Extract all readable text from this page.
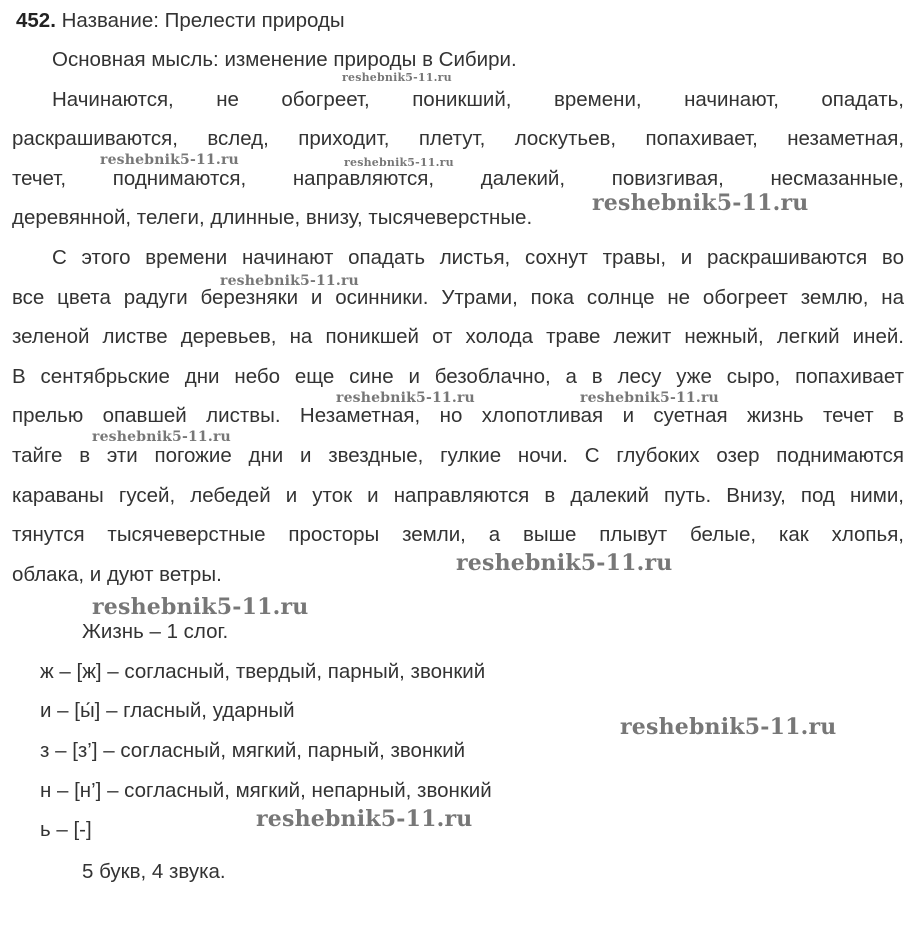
452. Название: Прелести природы
Основная мысль: изменение природы в Сибири.
Начинаются, не обогреет, поникший, времени, начинают, опадать,
раскрашиваются, вслед, приходит, плетут, лоскутьев, попахивает, незаметная,
течет, поднимаются, направляются, далекий, повизгивая, несмазанные,
деревянной, телеги, длинные, внизу, тысячеверстные.
С этого времени начинают опадать листья, сохнут травы, и раскрашиваются во
все цвета радуги березняки и осинники. Утрами, пока солнце не обогреет землю, на
зеленой листве деревьев, на поникшей от холода траве лежит нежный, легкий иней.
В сентябрьские дни небо еще сине и безоблачно, а в лесу уже сыро, попахивает
прелью опавшей листвы. Незаметная, но хлопотливая и суетная жизнь течет в
тайге в эти погожие дни и звездные, гулкие ночи. С глубоких озер поднимаются
караваны гусей, лебедей и уток и направляются в далекий путь. Внизу, под ними,
тянутся тысячеверстные просторы земли, а выше плывут белые, как хлопья,
облака, и дуют ветры.
Жизнь – 1 слог.
ж – [ж] – согласный, твердый, парный, звонкий
и – [ы́] – гласный, ударный
з – [з’] – согласный, мягкий, парный, звонкий
н – [н’] – согласный, мягкий, непарный, звонкий
ь – [-]
5 букв, 4 звука.
reshebnik5-11.ru
reshebnik5-11.ru	reshebnik5-11.ru
reshebnik5-11.ru
reshebnik5-11.ru
reshebnik5-11.ru	reshebnik5-11.ru
reshebnik5-11.ru
reshebnik5-11.ru
reshebnik5-11.ru
reshebnik5-11.ru
reshebnik5-11.ru
